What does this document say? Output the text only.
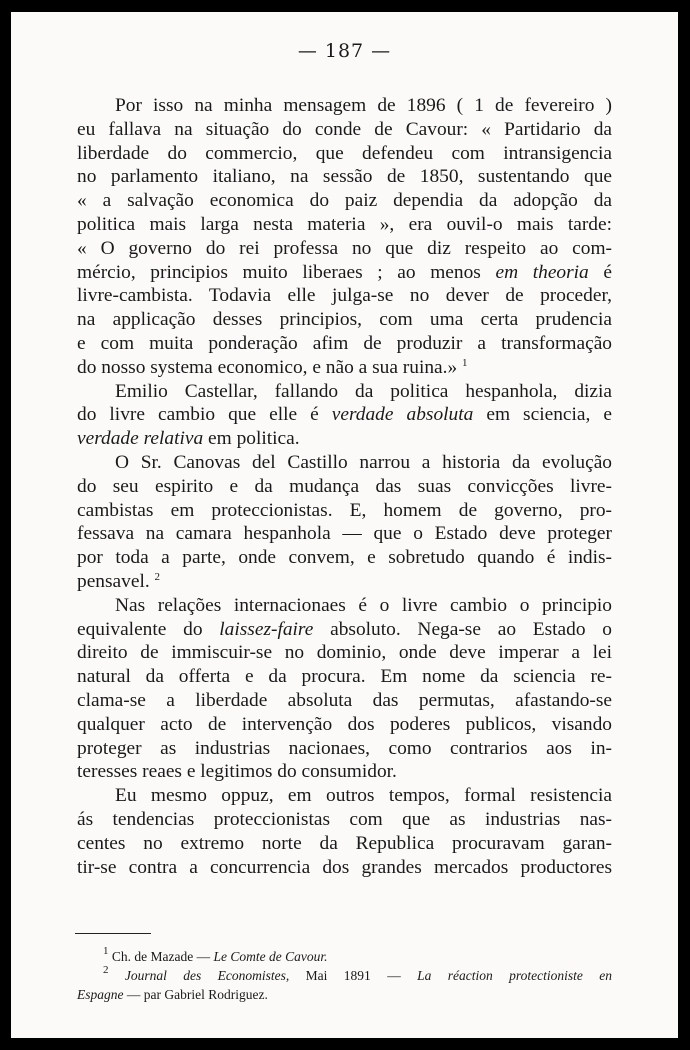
— 187 —
Por isso na minha mensagem de 1896 ( 1 de fevereiro )
eu fallava na situação do conde de Cavour: « Partidario da
liberdade do commercio, que defendeu com intransigencia
no parlamento italiano, na sessão de 1850, sustentando que
« a salvação economica do paiz dependia da adopção da
politica mais larga nesta materia », era ouvil-o mais tarde:
« O governo do rei professa no que diz respeito ao com-
mércio, principios muito liberaes ; ao menos em theoria é
livre-cambista. Todavia elle julga-se no dever de proceder,
na applicação desses principios, com uma certa prudencia
e com muita ponderação afim de produzir a transformação
do nosso systema economico, e não a sua ruina.» $^1$
Emilio Castellar, fallando da politica hespanhola, dizia
do livre cambio que elle é verdade absoluta em sciencia, e
verdade relativa em politica.
O Sr. Canovas del Castillo narrou a historia da evolução
do seu espirito e da mudança das suas convicções livre-
cambistas em proteccionistas. E, homem de governo, pro-
fessava na camara hespanhola — que o Estado deve proteger
por toda a parte, onde convem, e sobretudo quando é indis-
pensavel. $^2$
Nas relações internacionaes é o livre cambio o principio
equivalente do laissez-faire absoluto. Nega-se ao Estado o
direito de immiscuir-se no dominio, onde deve imperar a lei
natural da offerta e da procura. Em nome da sciencia re-
clama-se a liberdade absoluta das permutas, afastando-se
qualquer acto de intervenção dos poderes publicos, visando
proteger as industrias nacionaes, como contrarios aos in-
teresses reaes e legitimos do consumidor.
Eu mesmo oppuz, em outros tempos, formal resistencia
ás tendencias proteccionistas com que as industrias nas-
centes no extremo norte da Republica procuravam garan-
tir-se contra a concurrencia dos grandes mercados productores
$^1$ Ch. de Mazade — Le Comte de Cavour.
$^2$ Journal des Economistes, Mai 1891 — La réaction protectioniste en
Espagne — par Gabriel Rodriguez.
